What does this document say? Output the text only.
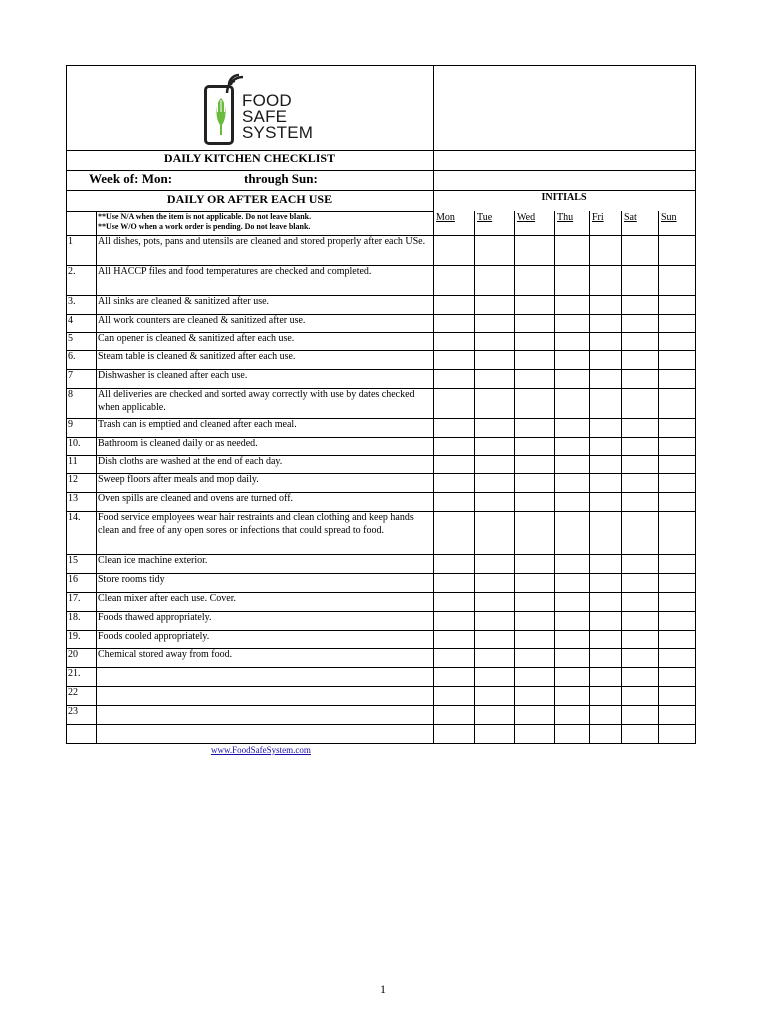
FOOD
SAFE
SYSTEM
DAILY KITCHEN CHECKLIST
Week of: Mon:	through Sun:
DAILY OR AFTER EACH USE	INITIALS
**Use N/A when the item is not applicable. Do not leave blank.
**Use W/O when a work order is pending. Do not leave blank.
Mon Tue Wed Thu Fri Sat Sun
1	All dishes, pots, pans and utensils are cleaned and stored properly after each USe.
2. All HACCP files and food temperatures are checked and completed.
3. All sinks are cleaned & sanitized after use.
4	All work counters are cleaned & sanitized after use.
5	Can opener is cleaned & sanitized after each use.
6. Steam table is cleaned & sanitized after each use.
7	Dishwasher is cleaned after each use.
8	All deliveries are checked and sorted away correctly with use by dates checked when applicable.
9	Trash can is emptied and cleaned after each meal.
10. Bathroom is cleaned daily or as needed.
11 Dish cloths are washed at the end of each day.
12 Sweep floors after meals and mop daily.
13 Oven spills are cleaned and ovens are turned off.
14. Food service employees wear hair restraints and clean clothing and keep hands clean and free of any open sores or infections that could spread to food.
15 Clean ice machine exterior.
16 Store rooms tidy
17. Clean mixer after each use. Cover.
18. Foods thawed appropriately.
19. Foods cooled appropriately.
20 Chemical stored away from food.
21.
22
23
www.FoodSafeSystem.com
1
